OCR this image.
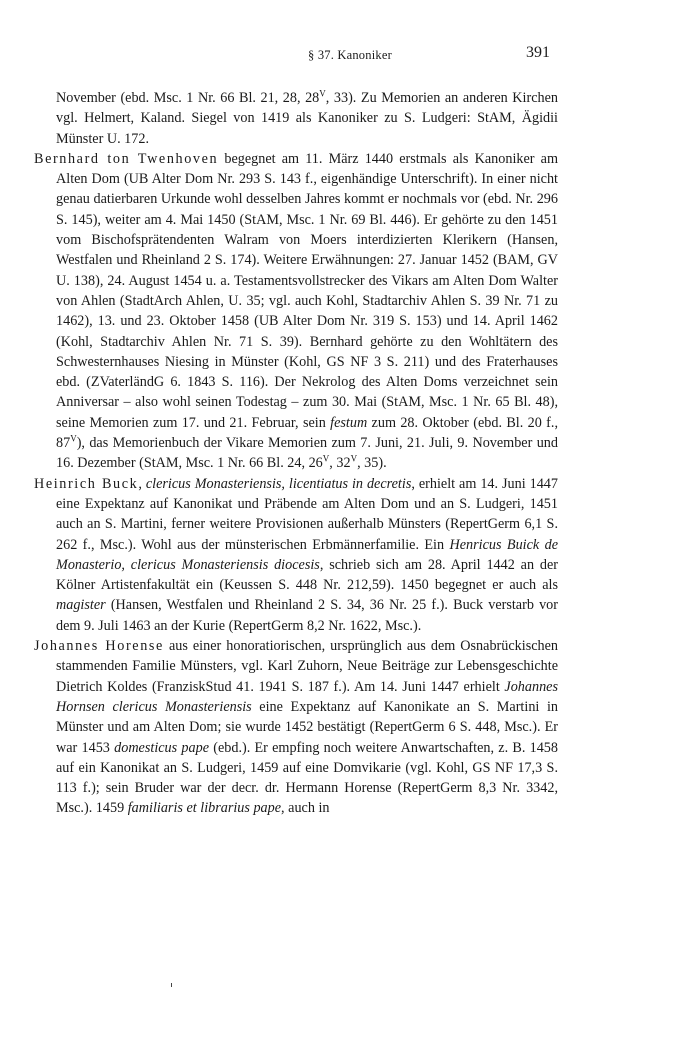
§ 37. Kanoniker	391

November (ebd. Msc. 1 Nr. 66 Bl. 21, 28, $28^V$, 33). Zu Memorien an anderen Kirchen vgl. Helmert, Kaland. Siegel von 1419 als Kanoniker zu S. Ludgeri: StAM, Ägidii Münster U. 172.

Bernhard ton Twenhoven begegnet am 11. März 1440 erstmals als Kanoniker am Alten Dom (UB Alter Dom Nr. 293 S. 143 f., eigenhändige Unterschrift). In einer nicht genau datierbaren Urkunde wohl desselben Jahres kommt er nochmals vor (ebd. Nr. 296 S. 145), weiter am 4. Mai 1450 (StAM, Msc. 1 Nr. 69 Bl. 446). Er gehörte zu den 1451 vom Bischofsprätendenten Walram von Moers interdizierten Klerikern (Hansen, Westfalen und Rheinland 2 S. 174). Weitere Erwähnungen: 27. Januar 1452 (BAM, GV U. 138), 24. August 1454 u. a. Testamentsvollstrecker des Vikars am Alten Dom Walter von Ahlen (StadtArch Ahlen, U. 35; vgl. auch Kohl, Stadtarchiv Ahlen S. 39 Nr. 71 zu 1462), 13. und 23. Oktober 1458 (UB Alter Dom Nr. 319 S. 153) und 14. April 1462 (Kohl, Stadtarchiv Ahlen Nr. 71 S. 39). Bernhard gehörte zu den Wohltätern des Schwesternhauses Niesing in Münster (Kohl, GS NF 3 S. 211) und des Fraterhauses ebd. (ZVaterländG 6. 1843 S. 116). Der Nekrolog des Alten Doms verzeichnet sein Anniversar – also wohl seinen Todestag – zum 30. Mai (StAM, Msc. 1 Nr. 65 Bl. 48), seine Memorien zum 17. und 21. Februar, sein festum zum 28. Oktober (ebd. Bl. 20 f., $87^V$), das Memorienbuch der Vikare Memorien zum 7. Juni, 21. Juli, 9. November und 16. Dezember (StAM, Msc. 1 Nr. 66 Bl. 24, $26^V$, $32^V$, 35).

Heinrich Buck, clericus Monasteriensis, licentiatus in decretis, erhielt am 14. Juni 1447 eine Expektanz auf Kanonikat und Präbende am Alten Dom und an S. Ludgeri, 1451 auch an S. Martini, ferner weitere Provisionen außerhalb Münsters (RepertGerm 6,1 S. 262 f., Msc.). Wohl aus der münsterischen Erbmännerfamilie. Ein Henricus Buick de Monasterio, clericus Monasteriensis diocesis, schrieb sich am 28. April 1442 an der Kölner Artistenfakultät ein (Keussen S. 448 Nr. 212,59). 1450 begegnet er auch als magister (Hansen, Westfalen und Rheinland 2 S. 34, 36 Nr. 25 f.). Buck verstarb vor dem 9. Juli 1463 an der Kurie (RepertGerm 8,2 Nr. 1622, Msc.).

Johannes Horense aus einer honoratiorischen, ursprünglich aus dem Osnabrückischen stammenden Familie Münsters, vgl. Karl Zuhorn, Neue Beiträge zur Lebensgeschichte Dietrich Koldes (FranziskStud 41. 1941 S. 187 f.). Am 14. Juni 1447 erhielt Johannes Hornsen clericus Monasteriensis eine Expektanz auf Kanonikate an S. Martini in Münster und am Alten Dom; sie wurde 1452 bestätigt (RepertGerm 6 S. 448, Msc.). Er war 1453 domesticus pape (ebd.). Er empfing noch weitere Anwartschaften, z. B. 1458 auf ein Kanonikat an S. Ludgeri, 1459 auf eine Domvikarie (vgl. Kohl, GS NF 17,3 S. 113 f.); sein Bruder war der decr. dr. Hermann Horense (RepertGerm 8,3 Nr. 3342, Msc.). 1459 familiaris et librarius pape, auch in
